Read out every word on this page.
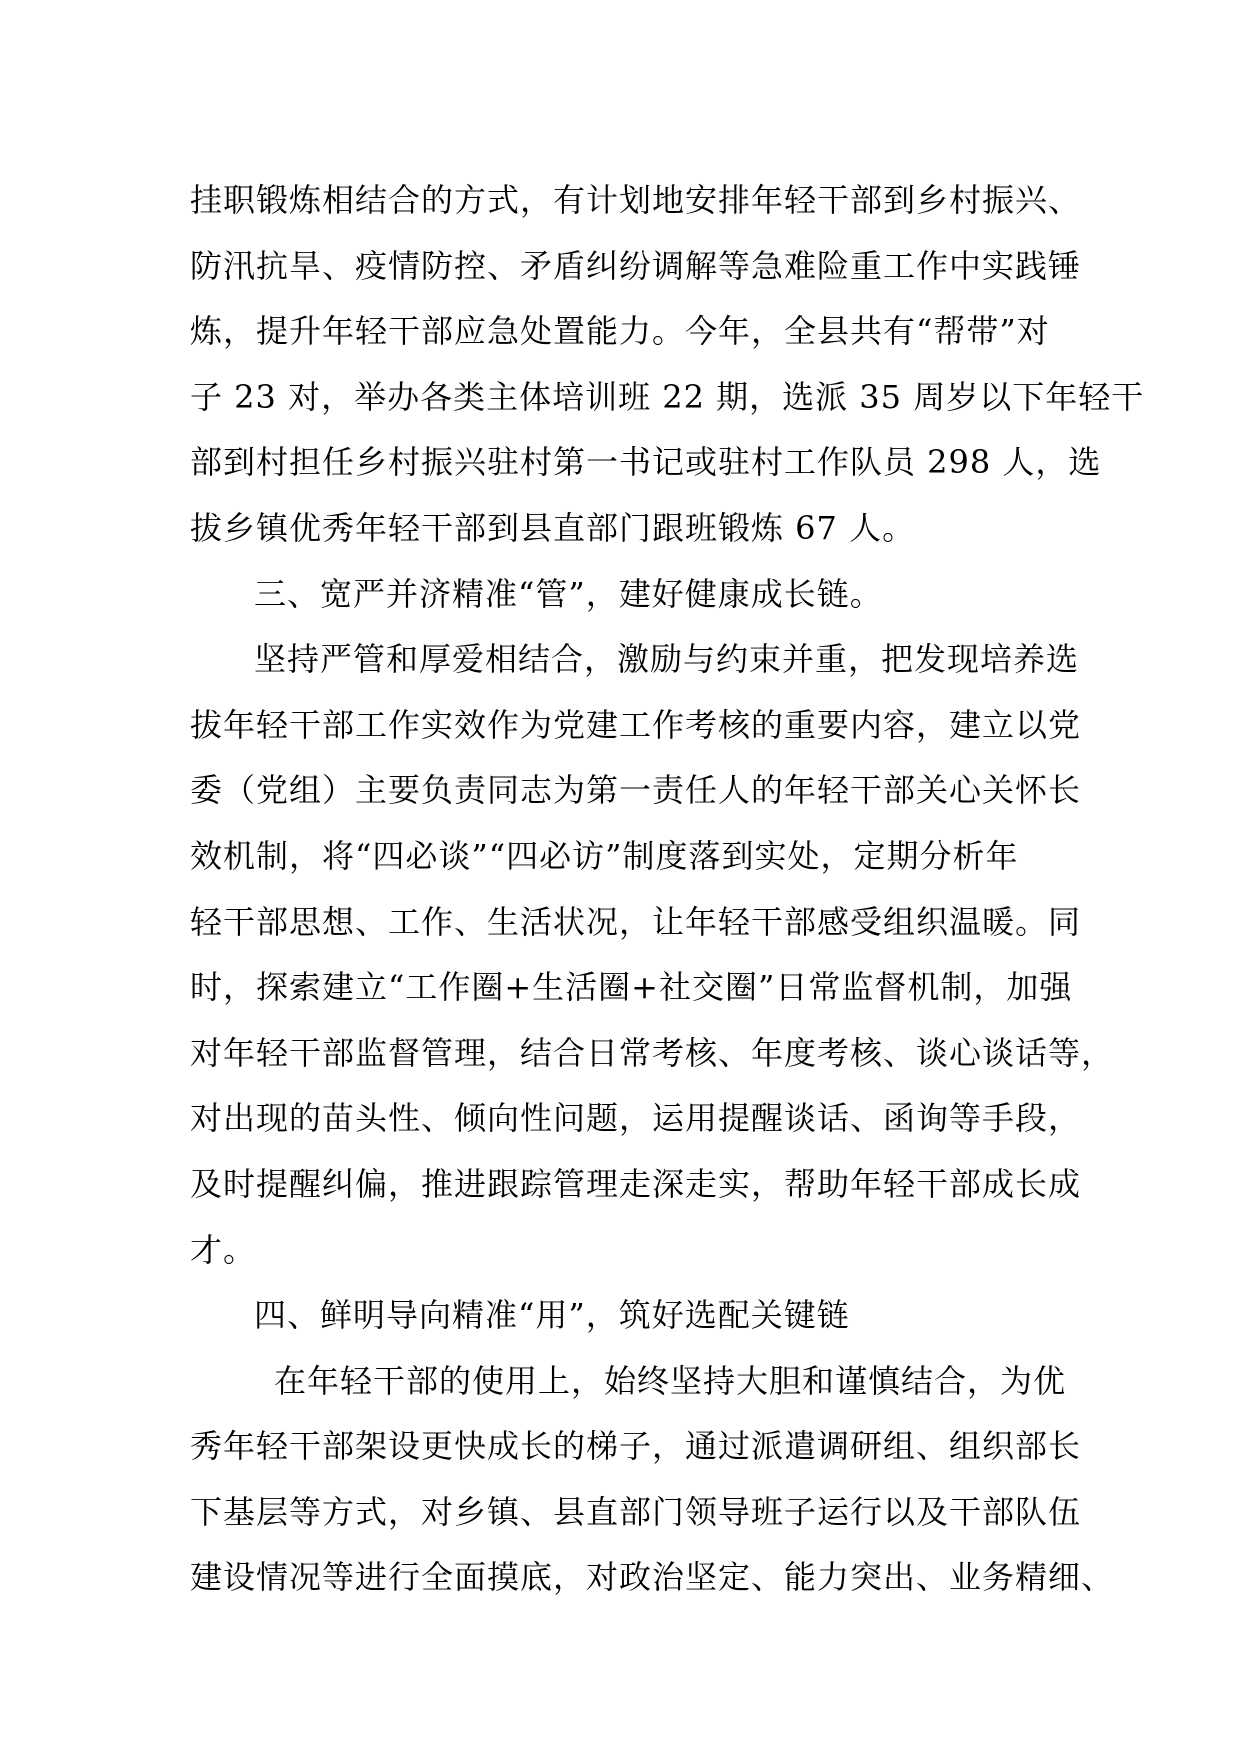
挂职锻炼相结合的方式，有计划地安排年轻干部到乡村振兴、
防汛抗旱、疫情防控、矛盾纠纷调解等急难险重工作中实践锤
炼，提升年轻干部应急处置能力。今年，全县共有“帮带”对
子 23 对，举办各类主体培训班 22 期，选派 35 周岁以下年轻干
部到村担任乡村振兴驻村第一书记或驻村工作队员 298 人，选
拔乡镇优秀年轻干部到县直部门跟班锻炼 67 人。
三、宽严并济精准“管”，建好健康成长链。
坚持严管和厚爱相结合，激励与约束并重，把发现培养选
拔年轻干部工作实效作为党建工作考核的重要内容，建立以党
委（党组）主要负责同志为第一责任人的年轻干部关心关怀长
效机制，将“四必谈”“四必访”制度落到实处，定期分析年
轻干部思想、工作、生活状况，让年轻干部感受组织温暖。同
时，探索建立“工作圈+生活圈+社交圈”日常监督机制，加强
对年轻干部监督管理，结合日常考核、年度考核、谈心谈话等，
对出现的苗头性、倾向性问题，运用提醒谈话、函询等手段，
及时提醒纠偏，推进跟踪管理走深走实，帮助年轻干部成长成
才。
四、鲜明导向精准“用”，筑好选配关键链
在年轻干部的使用上，始终坚持大胆和谨慎结合，为优
秀年轻干部架设更快成长的梯子，通过派遣调研组、组织部长
下基层等方式，对乡镇、县直部门领导班子运行以及干部队伍
建设情况等进行全面摸底，对政治坚定、能力突出、业务精细、
